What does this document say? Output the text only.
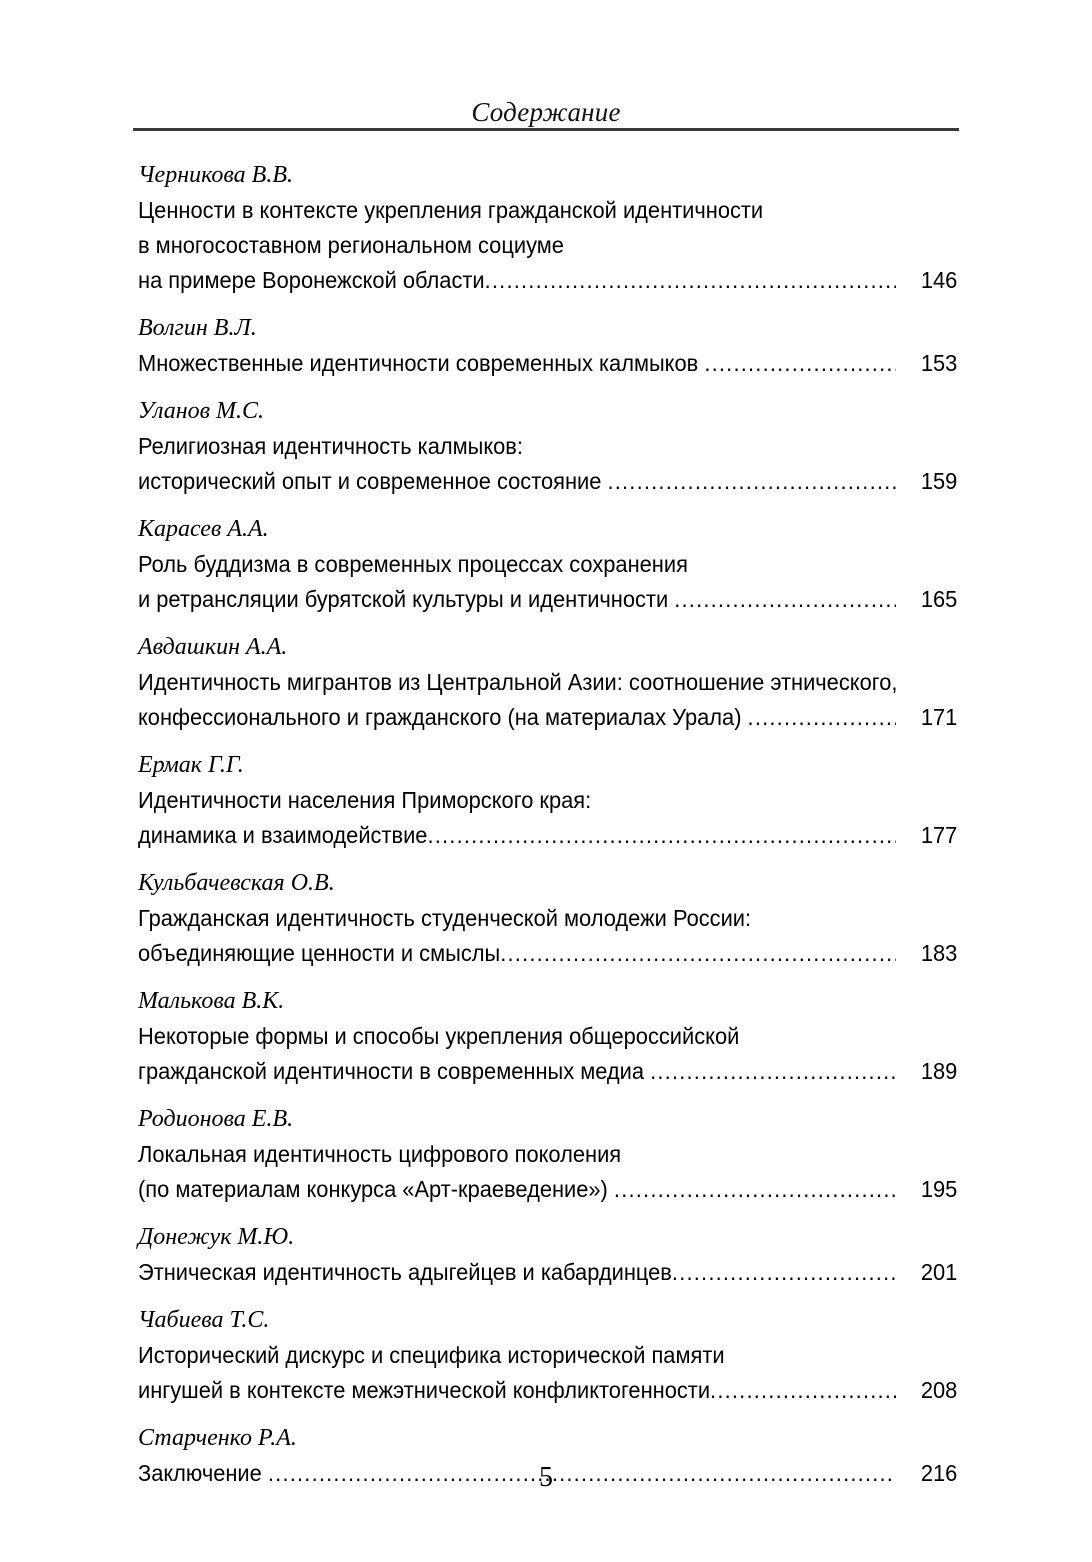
Содержание
Черникова В.В.
Ценности в контексте укрепления гражданской идентичности
в многосоставном региональном социуме
на примере Воронежской области .....	146
Волгин В.Л.
Множественные идентичности современных калмыков .....	153
Уланов М.С.
Религиозная идентичность калмыков:
исторический опыт и современное состояние .....	159
Карасев А.А.
Роль буддизма в современных процессах сохранения
и ретрансляции бурятской культуры и идентичности .....	165
Авдашкин А.А.
Идентичность мигрантов из Центральной Азии: соотношение этнического,
конфессионального и гражданского (на материалах Урала) .....	171
Ермак Г.Г.
Идентичности населения Приморского края:
динамика и взаимодействие .....	177
Кульбачевская О.В.
Гражданская идентичность студенческой молодежи России:
объединяющие ценности и смыслы .....	183
Малькова В.К.
Некоторые формы и способы укрепления общероссийской
гражданской идентичности в современных медиа .....	189
Родионова Е.В.
Локальная идентичность цифрового поколения
(по материалам конкурса «Арт-краеведение») .....	195
Донежук М.Ю.
Этническая идентичность адыгейцев и кабардинцев .....	201
Чабиева Т.С.
Исторический дискурс и специфика исторической памяти
ингушей в контексте межэтнической конфликтогенности .....	208
Старченко Р.А.
Заключение .....	216
5
